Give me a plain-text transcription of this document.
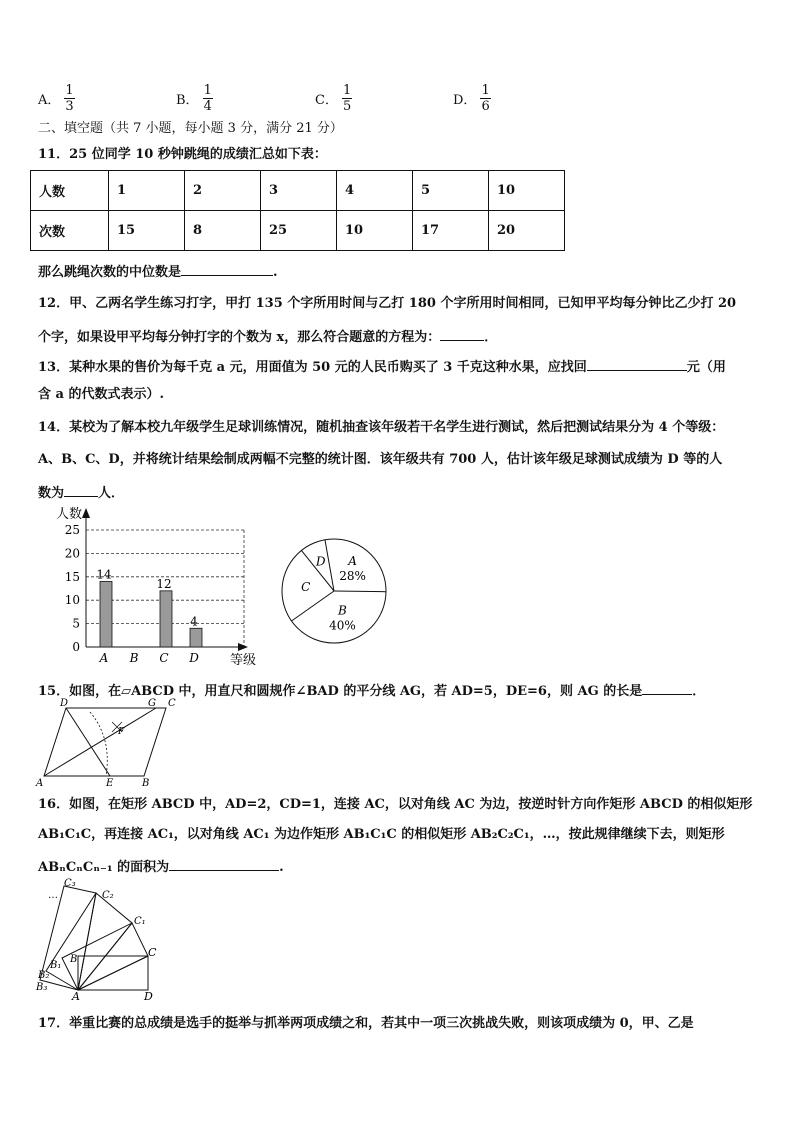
A． $\frac{1}{3}$	B． $\frac{1}{4}$	C． $\frac{1}{5}$	D． $\frac{1}{6}$
二、填空题（共 7 小题，每小题 3 分，满分 21 分）
11．25 位同学 10 秒钟跳绳的成绩汇总如下表：
人数	1	2	3	4	5	10
次数	15	8	25	10	17	20
那么跳绳次数的中位数是	.
12．甲、乙两名学生练习打字，甲打 135 个字所用时间与乙打 180 个字所用时间相同，已知甲平均每分钟比乙少打 20
个字，如果设甲平均每分钟打字的个数为 x，那么符合题意的方程为：	．
13．某种水果的售价为每千克 a 元，用面值为 50 元的人民币购买了 3 千克这种水果，应找回	元（用
含 a 的代数式表示）.
14．某校为了解本校九年级学生足球训练情况，随机抽查该年级若干名学生进行测试，然后把测试结果分为 4 个等级：
A、B、C、D，并将统计结果绘制成两幅不完整的统计图．该年级共有 700 人，估计该年级足球测试成绩为 D 等的人
数为	人．
0
5
10
15
20
25
14
A B
12
C
4
D
人数
等级
A
28%
B
40%
C
D
15．如图，在▱ABCD 中，用直尺和圆规作∠BAD 的平分线 AG，若 AD=5，DE=6，则 AG 的长是	．
A
D	G C
B
E
F
16．如图，在矩形 ABCD 中，AD=2，CD=1，连接 AC，以对角线 AC 为边，按逆时针方向作矩形 ABCD 的相似矩形
AB₁C₁C，再连接 AC₁，以对角线 AC₁ 为边作矩形 AB₁C₁C 的相似矩形 AB₂C₂C₁，…，按此规律继续下去，则矩形
ABₙCₙCₙ₋₁ 的面积为	.
…
C₃
C₂
C₁
C
B
B₁
B₂
B₃
A	D
17．举重比赛的总成绩是选手的挺举与抓举两项成绩之和，若其中一项三次挑战失败，则该项成绩为 0，甲、乙是
